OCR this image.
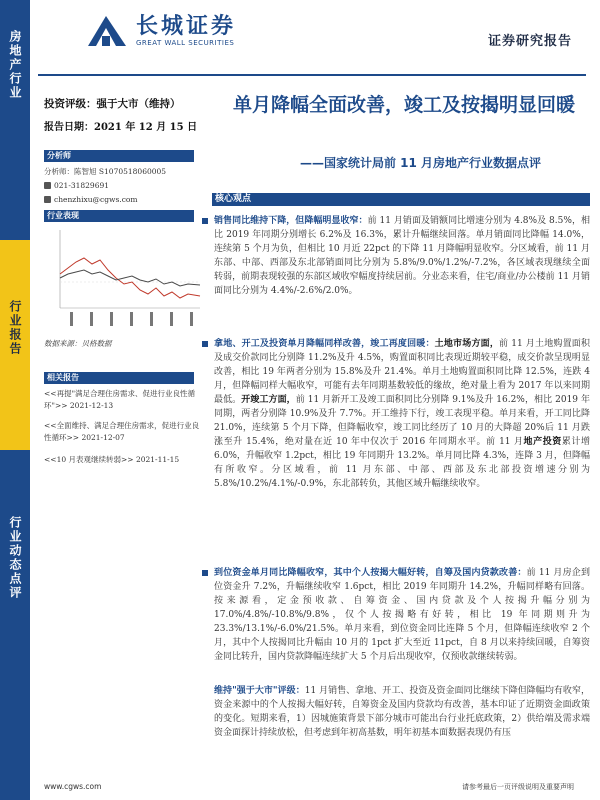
房地产行业
行业报告
行业动态点评
长城证券
GREAT WALL SECURITIES	证券研究报告
投资评级：强于大市（维持）
报告日期：2021 年 12 月 15 日
分析师
分析师：陈智旭 S1070518060005
021-31829691
chenzhixu@cgws.com
行业表现
数据来源：贝格数据
相关报告
<<再提"满足合理住房需求、促进行业良性循环">> 2021-12-13
<<全面维持、满足合理住房需求，促进行业良性循环>> 2021-12-07
<<10 月表观继续转弱>> 2021-11-15
单月降幅全面改善，竣工及按揭明显回暖
——国家统计局前 11 月房地产行业数据点评
核心观点
销售同比维持下降，但降幅明显收窄：前 11 月销面及销额同比增速分别为 4.8%及 8.5%，相比 2019 年同期分别增长 6.2%及 16.3%，累计升幅继续回落。单月销面同比降幅 14.0%，连续第 5 个月为负，但相比 10 月近 22pct 的下降 11 月降幅明显收窄。分区域看，前 11 月东部、中部、西部及东北部销面同比分别为 5.8%/9.0%/1.2%/-7.2%，各区域表现继续全面转弱，前期表现较强的东部区域收窄幅度持续居前。分业态来看，住宅/商业/办公楼前 11 月销面同比分别为 4.4%/-2.6%/2.0%。
拿地、开工及投资单月降幅同样改善，竣工再度回暖：土地市场方面，前 11 月土地购置面积及成交价款同比分别降 11.2%及升 4.5%，购置面积同比表现近期较平稳，成交价款呈现明显改善，相比 19 年两者分别为 15.8%及升 21.4%。单月土地购置面积同比降 12.5%，连跌 4 月，但降幅同样大幅收窄，可能有去年同期基数较低的缘故，绝对量上看为 2017 年以来同期最低。开竣工方面，前 11 月新开工及竣工面积同比分别降 9.1%及升 16.2%，相比 2019 年同期，两者分别降 10.9%及升 7.7%。开工维持下行，竣工表现平稳。单月来看，开工同比降 21.0%，连续第 5 个月下降，但降幅收窄，竣工同比经历了 10 月的大降超 20%后 11 月跌涨至升 15.4%，绝对量在近 10 年中仅次于 2016 年同期水平。前 11 月地产投资累计增 6.0%，升幅收窄 1.2pct，相比 19 年同期升 13.2%。单月同比降 4.3%，连降 3 月，但降幅有所收窄。分区域看，前 11 月东部、中部、西部及东北部投资增速分别为 5.8%/10.2%/4.1%/-0.9%，东北部转负，其他区域升幅继续收窄。
到位资金单月同比降幅收窄，其中个人按揭大幅好转，自筹及国内贷款改善：前 11 月房企到位资金升 7.2%，升幅继续收窄 1.6pct，相比 2019 年同期升 14.2%，升幅同样略有回落。按来源看，定金预收款、自筹资金、国内贷款及个人按揭升幅分别为 17.0%/4.8%/-10.8%/9.8%，仅个人按揭略有好转，相比 19 年同期则升为 23.3%/13.1%/-6.0%/21.5%。单月来看，到位资金同比连降 5 个月，但降幅连续收窄 2 个月，其中个人按揭同比升幅由 10 月的 1pct 扩大至近 11pct，自 8 月以来持续回暖，自筹资金同比转升，国内贷款降幅连续扩大 5 个月后出现收窄，仅预收款继续转弱。
维持"强于大市"评级：11 月销售、拿地、开工、投资及资金面同比继续下降但降幅均有收窄，资金来源中的个人按揭大幅好转，自筹资金及国内贷款均有改善，基本印证了近期资金面政策的变化。短期来看，1）因城施策背景下部分城市可能出台行业托底政策，2）供给端及需求端资金面探计持续放松，但考虑到年初高基数，明年初基本面数据表现仍有压
www.cgws.com	请参考最后一页评级说明及重要声明
